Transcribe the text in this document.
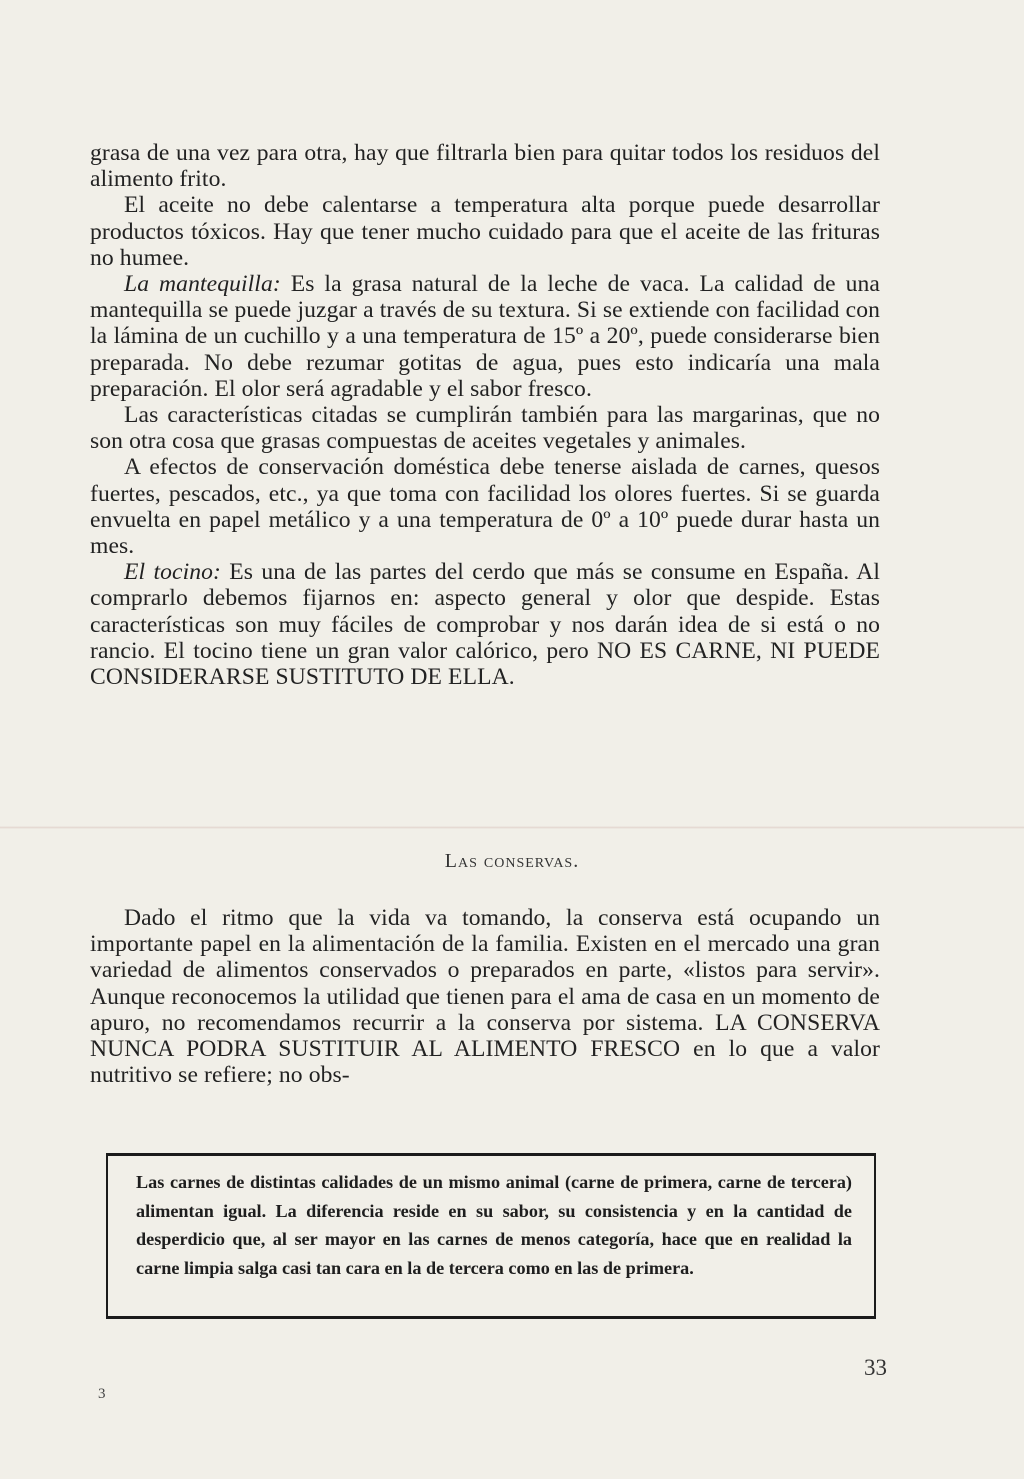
grasa de una vez para otra, hay que filtrarla bien para quitar todos los residuos del alimento frito.

El aceite no debe calentarse a temperatura alta porque puede desarrollar productos tóxicos. Hay que tener mucho cuidado para que el aceite de las frituras no humee.

La mantequilla: Es la grasa natural de la leche de vaca. La calidad de una mantequilla se puede juzgar a través de su textura. Si se extiende con facilidad con la lámina de un cuchillo y a una temperatura de 15º a 20º, puede considerarse bien preparada. No debe rezumar gotitas de agua, pues esto indicaría una mala preparación. El olor será agradable y el sabor fresco.

Las características citadas se cumplirán también para las margarinas, que no son otra cosa que grasas compuestas de aceites vegetales y animales.

A efectos de conservación doméstica debe tenerse aislada de carnes, quesos fuertes, pescados, etc., ya que toma con facilidad los olores fuertes. Si se guarda envuelta en papel metálico y a una temperatura de 0º a 10º puede durar hasta un mes.

El tocino: Es una de las partes del cerdo que más se consume en España. Al comprarlo debemos fijarnos en: aspecto general y olor que despide. Estas características son muy fáciles de comprobar y nos darán idea de si está o no rancio. El tocino tiene un gran valor calórico, pero NO ES CARNE, NI PUEDE CONSIDERARSE SUSTITUTO DE ELLA.

Las conservas.

Dado el ritmo que la vida va tomando, la conserva está ocupando un importante papel en la alimentación de la familia. Existen en el mercado una gran variedad de alimentos conservados o preparados en parte, «listos para servir». Aunque reconocemos la utilidad que tienen para el ama de casa en un momento de apuro, no recomendamos recurrir a la conserva por sistema. LA CONSERVA NUNCA PODRA SUSTITUIR AL ALIMENTO FRESCO en lo que a valor nutritivo se refiere; no obs-

Las carnes de distintas calidades de un mismo animal (carne de primera, carne de tercera) alimentan igual. La diferencia reside en su sabor, su consistencia y en la cantidad de desperdicio que, al ser mayor en las carnes de menos categoría, hace que en realidad la carne limpia salga casi tan cara en la de tercera como en las de primera.

33
3
